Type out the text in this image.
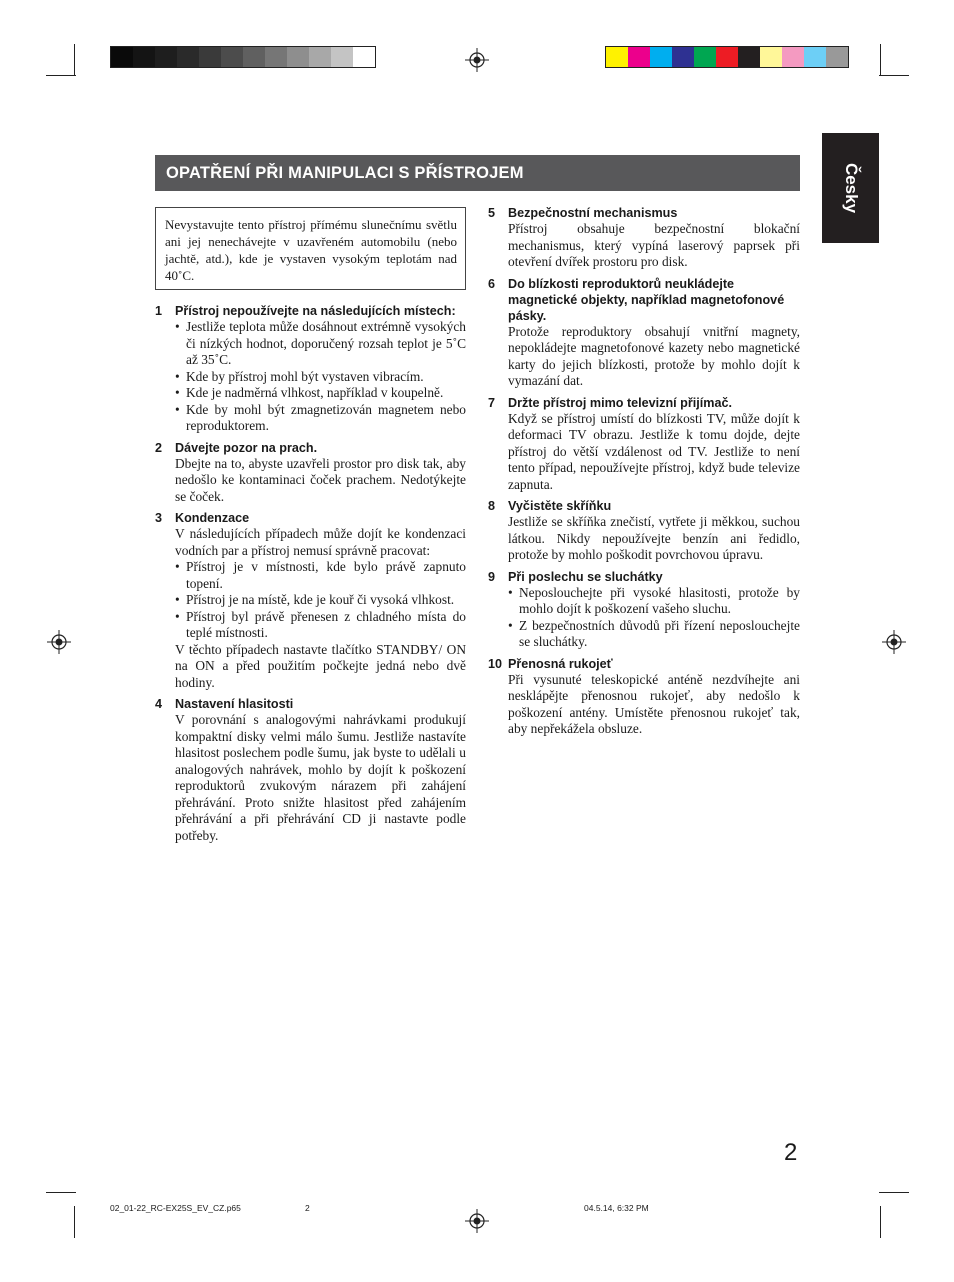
Česky
OPATŘENÍ PŘI MANIPULACI S PŘÍSTROJEM
Nevystavujte tento přístroj přímému slunečnímu světlu ani jej nenechávejte v uzavřeném automobilu (nebo jachtě, atd.), kde je vystaven vysokým teplotám nad 40˚C.
1	Přístroj nepoužívejte na následujících místech:
• Jestliže teplota může dosáhnout extrémně vysokých či nízkých hodnot, doporučený rozsah teplot je 5˚C až 35˚C.
• Kde by přístroj mohl být vystaven vibracím.
• Kde je nadměrná vlhkost, například v koupelně.
• Kde by mohl být zmagnetizován magnetem nebo reproduktorem.
2	Dávejte pozor na prach.
Dbejte na to, abyste uzavřeli prostor pro disk tak, aby nedošlo ke kontaminaci čoček prachem. Nedotýkejte se čoček.
3	Kondenzace
V následujících případech může dojít ke kondenzaci vodních par a přístroj nemusí správně pracovat:
• Přístroj je v místnosti, kde bylo právě zapnuto topení.
• Přístroj je na místě, kde je kouř či vysoká vlhkost.
• Přístroj byl právě přenesen z chladného místa do teplé místnosti.
V těchto případech nastavte tlačítko STANDBY/ ON na ON a před použitím počkejte jedná nebo dvě hodiny.
4	Nastavení hlasitosti
V porovnání s analogovými nahrávkami produkují kompaktní disky velmi málo šumu. Jestliže nastavíte hlasitost poslechem podle šumu, jak byste to udělali u analogových nahrávek, mohlo by dojít k poškození reproduktorů zvukovým nárazem při zahájení přehrávání. Proto snižte hlasitost před zahájením přehrávání a při přehrávání CD ji nastavte podle potřeby.
5	Bezpečnostní mechanismus
Přístroj obsahuje bezpečnostní blokační mechanismus, který vypíná laserový paprsek při otevření dvířek prostoru pro disk.
6	Do blízkosti reproduktorů neukládejte magnetické objekty, například magnetofonové pásky.
Protože reproduktory obsahují vnitřní magnety, nepokládejte magnetofonové kazety nebo magnetické karty do jejich blízkosti, protože by mohlo dojít k vymazání dat.
7	Držte přístroj mimo televizní přijímač.
Když se přístroj umístí do blízkosti TV, může dojít k deformaci TV obrazu. Jestliže k tomu dojde, dejte přístroj do větší vzdálenost od TV. Jestliže to není tento případ, nepoužívejte přístroj, když bude televize zapnuta.
8	Vyčistěte skříňku
Jestliže se skříňka znečistí, vytřete ji měkkou, suchou látkou. Nikdy nepoužívejte benzín ani ředidlo, protože by mohlo poškodit povrchovou úpravu.
9	Při poslechu se sluchátky
• Neposlouchejte při vysoké hlasitosti, protože by mohlo dojít k poškození vašeho sluchu.
• Z bezpečnostních důvodů při řízení neposlouchejte se sluchátky.
10 Přenosná rukojeť
Při vysunuté teleskopické anténě nezdvíhejte ani nesklápějte přenosnou rukojeť, aby nedošlo k poškození antény. Umístěte přenosnou rukojeť tak, aby nepřekážela obsluze.
2
02_01-22_RC-EX25S_EV_CZ.p65	2	04.5.14, 6:32 PM
